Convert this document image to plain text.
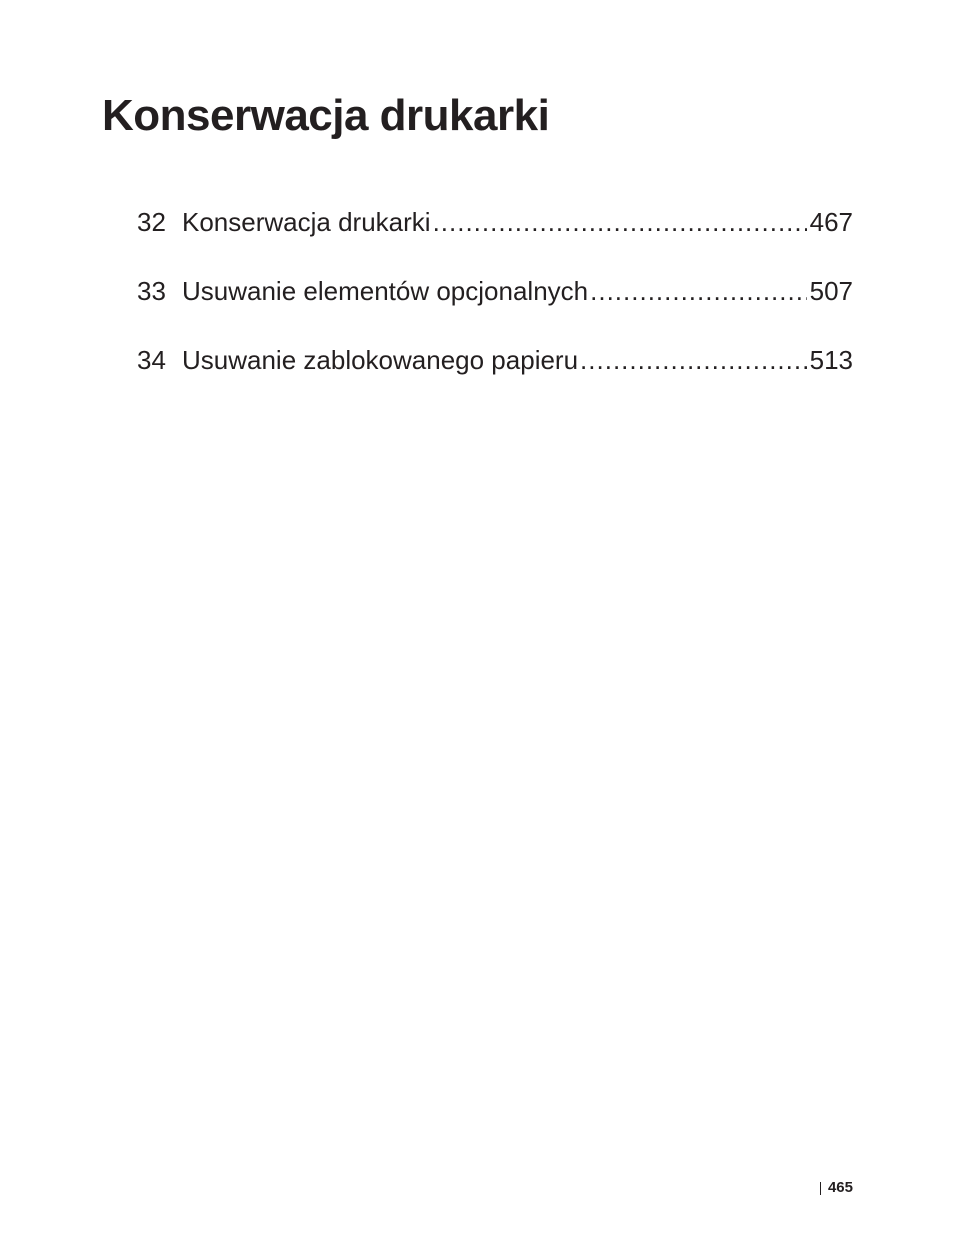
Konserwacja drukarki
32 Konserwacja drukarki .....	467
33 Usuwanie elementów opcjonalnych .....	507
34 Usuwanie zablokowanego papieru .....	513
465
